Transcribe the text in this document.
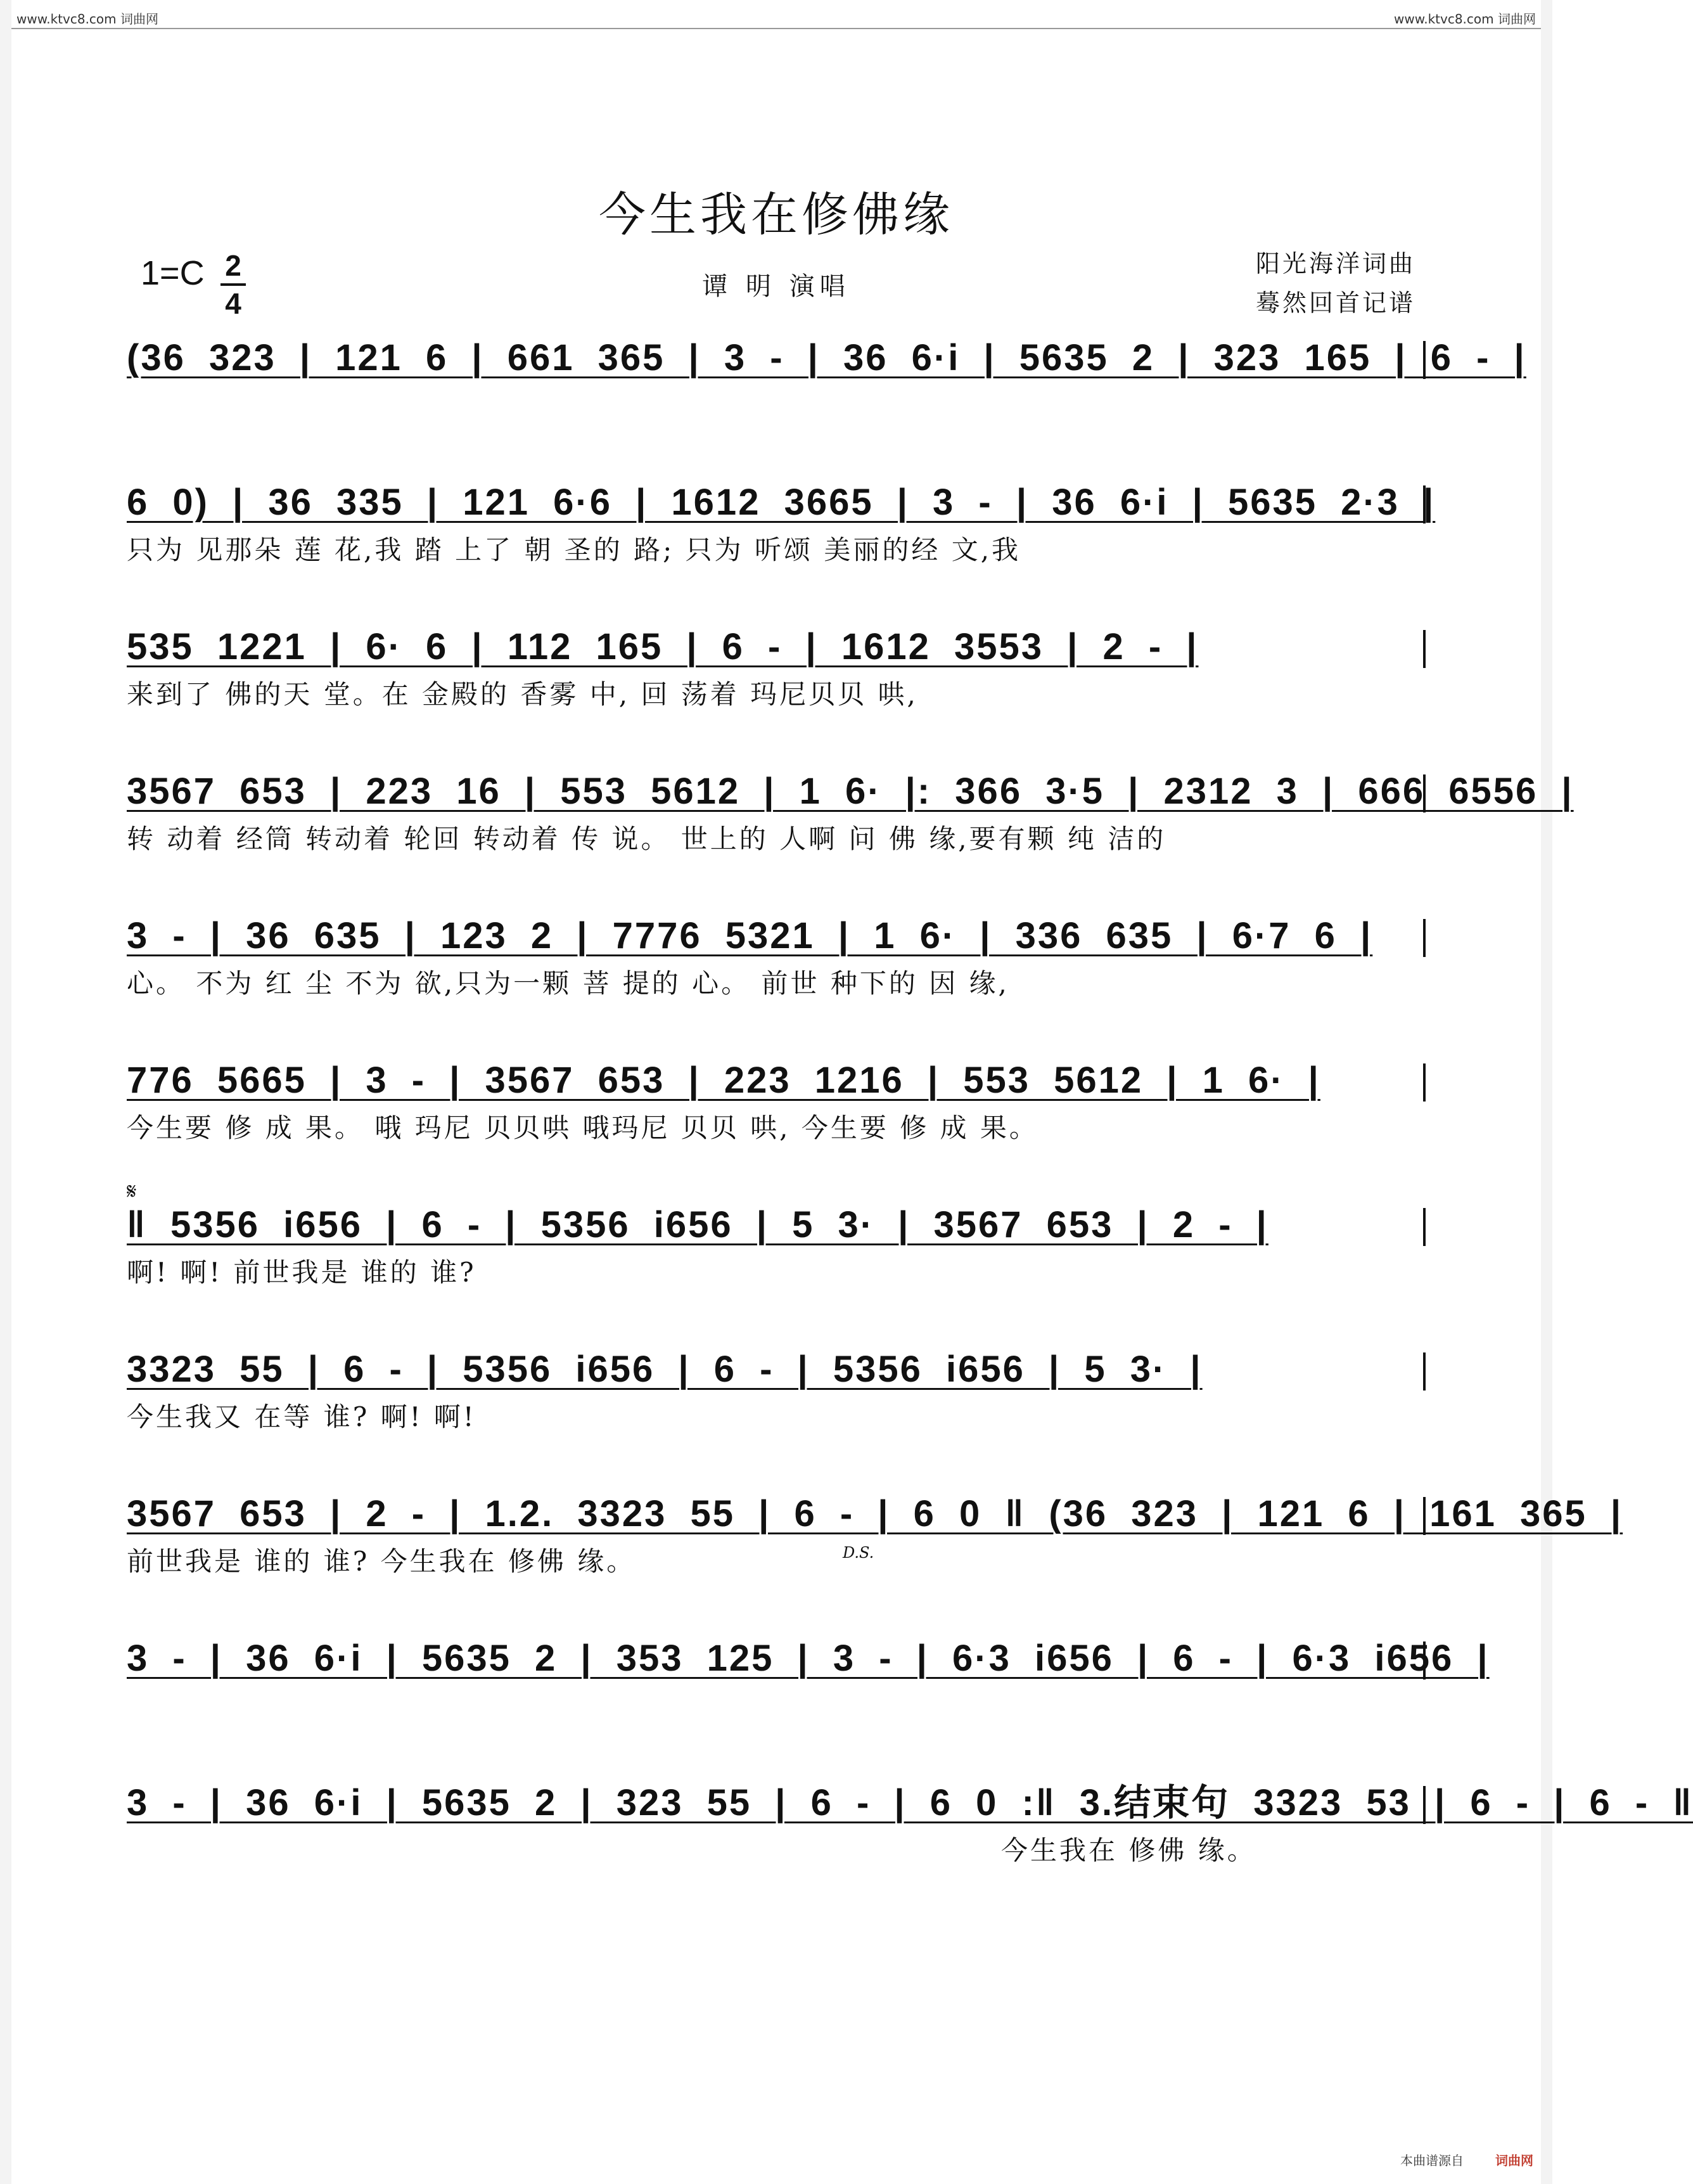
www.ktvc8.com 词曲网	www.ktvc8.com 词曲网
今生我在修佛缘
1=C 2
4
谭 明 演唱
阳光海洋词曲
蓦然回首记谱
(36 323 | 121 6 | 661 365 | 3 - | 36 6·i | 5635 2 | 323 165 | 6 - |
6 0) | 36 335 | 121 6·6 | 1612 3665 | 3 - | 36 6·i | 5635 2·3 |
只为 见那朵 莲 花,我 踏 上了 朝 圣的 路; 只为 听颂 美丽的经 文,我
535 1221 | 6· 6 | 112 165 | 6 - | 1612 3553 | 2 - |
来到了 佛的天 堂。在 金殿的 香雾 中, 回 荡着 玛尼贝贝 哄,
3567 653 | 223 16 | 553 5612 | 1 6· |: 366 3·5 | 2312 3 | 666 6556 |
转 动着 经筒 转动着 轮回 转动着 传 说。 世上的 人啊 问 佛 缘,要有颗 纯 洁的
3 - | 36 635 | 123 2 | 7776 5321 | 1 6· | 336 635 | 6·7 6 |
心。 不为 红 尘 不为 欲,只为一颗 菩 提的 心。 前世 种下的 因 缘,
776 5665 | 3 - | 3567 653 | 223 1216 | 553 5612 | 1 6· |
今生要 修 成 果。 哦 玛尼 贝贝哄 哦玛尼 贝贝 哄, 今生要 修 成 果。
𝄋
‖ 5356 i656 | 6 - | 5356 i656 | 5 3· | 3567 653 | 2 - |
啊! 啊! 前世我是 谁的 谁?
3323 55 | 6 - | 5356 i656 | 6 - | 5356 i656 | 5 3· |
今生我又 在等 谁? 啊! 啊!
D.S.
3567 653 | 2 - | 1.2. 3323 55 | 6 - | 6 0 ‖ (36 323 | 121 6 | 161 365 |
前世我是 谁的 谁? 今生我在 修佛 缘。
3 - | 36 6·i | 5635 2 | 353 125 | 3 - | 6·3 i656 | 6 - | 6·3 i656 |
3 - | 36 6·i | 5635 2 | 323 55 | 6 - | 6 0 :‖ 3.结束句 3323 53 | 6 - | 6 - ‖
今生我在 修佛 缘。
本曲谱源自	词曲网
